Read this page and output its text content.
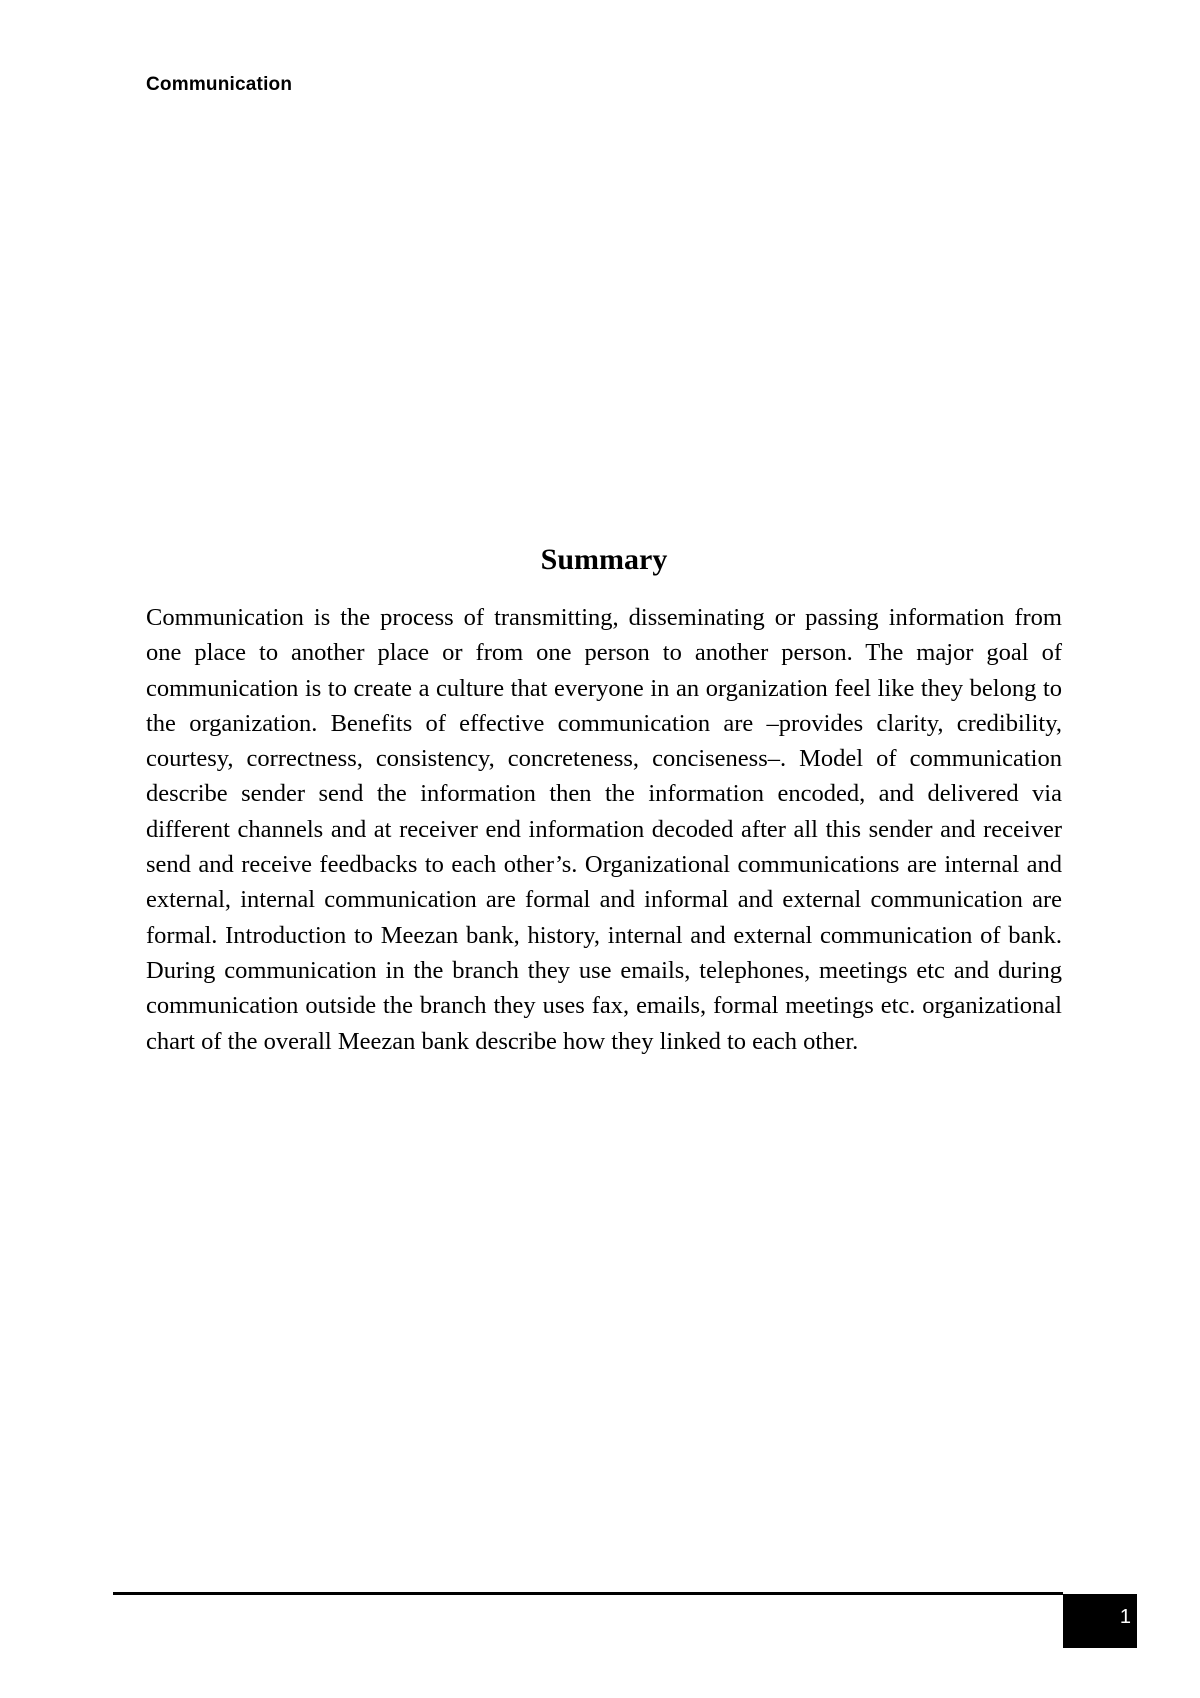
Communication
Summary

Communication is the process of transmitting, disseminating or passing information from one place to another place or from one person to another person. The major goal of communication is to create a culture that everyone in an organization feel like they belong to the organization. Benefits of effective communication are –provides clarity, credibility, courtesy, correctness, consistency, concreteness, conciseness–. Model of communication describe sender send the information then the information encoded, and delivered via different channels and at receiver end information decoded after all this sender and receiver send and receive feedbacks to each other’s. Organizational communications are internal and external, internal communication are formal and informal and external communication are formal. Introduction to Meezan bank, history, internal and external communication of bank. During communication in the branch they use emails, telephones, meetings etc and during communication outside the branch they uses fax, emails, formal meetings etc. organizational chart of the overall Meezan bank describe how they linked to each other.

1
